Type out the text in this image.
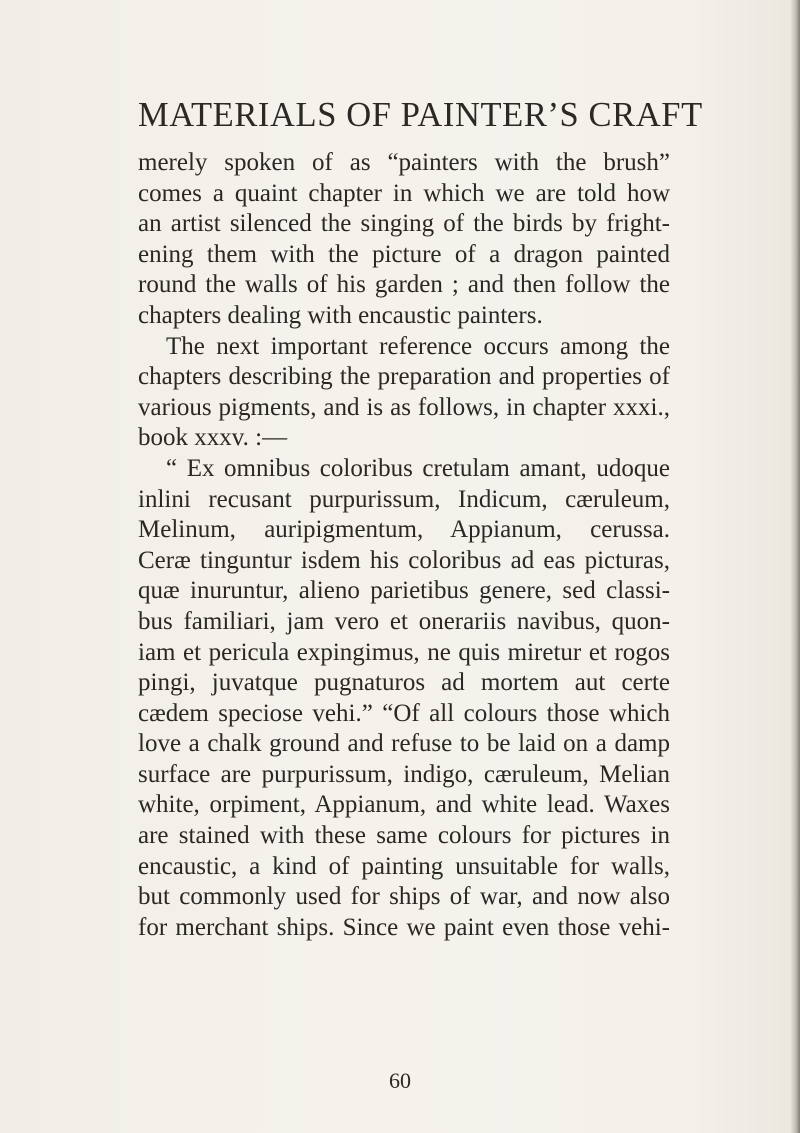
MATERIALS OF PAINTER’S CRAFT
merely spoken of as “painters with the brush”
comes a quaint chapter in which we are told how
an artist silenced the singing of the birds by fright-
ening them with the picture of a dragon painted
round the walls of his garden ; and then follow the
chapters dealing with encaustic painters.
The next important reference occurs among the
chapters describing the preparation and properties of
various pigments, and is as follows, in chapter xxxi.,
book xxxv. :—
“ Ex omnibus coloribus cretulam amant, udoque
inlini recusant purpurissum, Indicum, cæruleum,
Melinum, auripigmentum, Appianum, cerussa.
Ceræ tinguntur isdem his coloribus ad eas picturas,
quæ inuruntur, alieno parietibus genere, sed classi-
bus familiari, jam vero et onerariis navibus, quon-
iam et pericula expingimus, ne quis miretur et rogos
pingi, juvatque pugnaturos ad mortem aut certe
cædem speciose vehi.” “Of all colours those which
love a chalk ground and refuse to be laid on a damp
surface are purpurissum, indigo, cæruleum, Melian
white, orpiment, Appianum, and white lead. Waxes
are stained with these same colours for pictures in
encaustic, a kind of painting unsuitable for walls,
but commonly used for ships of war, and now also
for merchant ships. Since we paint even those vehi-
60
